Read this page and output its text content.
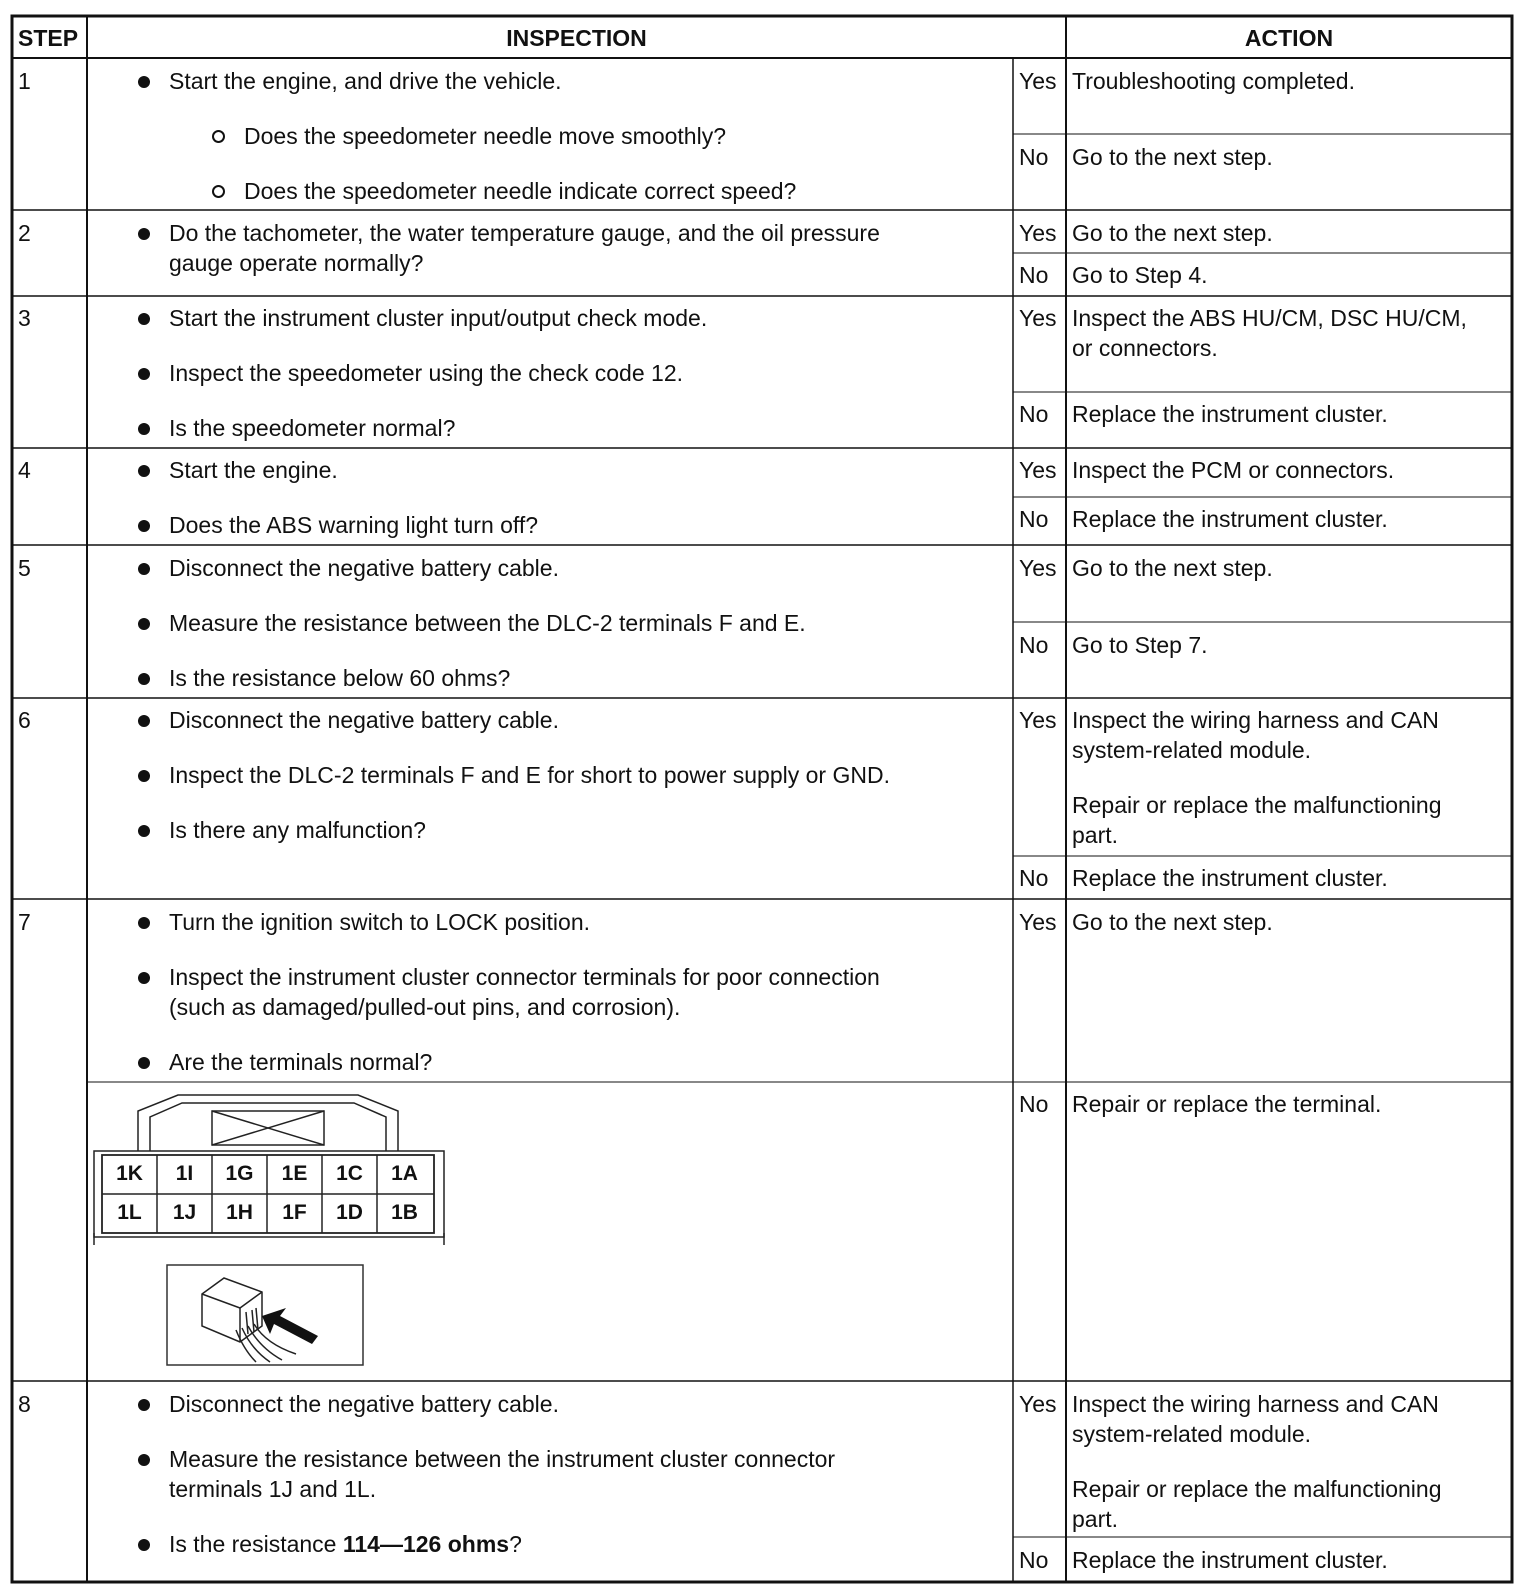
STEP	INSPECTION	ACTION
1	Start the engine, and drive the vehicle.
Does the speedometer needle move smoothly?
Does the speedometer needle indicate correct speed?
Yes Troubleshooting completed.
No Go to the next step.
2	Do the tachometer, the water temperature gauge, and the oil pressure
gauge operate normally?
Yes Go to the next step.
No Go to Step 4.
3	Start the instrument cluster input/output check mode.
Inspect the speedometer using the check code 12.
Is the speedometer normal?
Yes Inspect the ABS HU/CM, DSC HU/CM,
or connectors.
No Replace the instrument cluster.
4	Start the engine.
Does the ABS warning light turn off?
Yes Inspect the PCM or connectors.
No Replace the instrument cluster.
5	Disconnect the negative battery cable.
Measure the resistance between the DLC-2 terminals F and E.
Is the resistance below 60 ohms?
Yes Go to the next step.
No Go to Step 7.
6	Disconnect the negative battery cable.
Inspect the DLC-2 terminals F and E for short to power supply or GND.
Is there any malfunction?
Yes Inspect the wiring harness and CAN
system-related module.
Repair or replace the malfunctioning
part.
No Replace the instrument cluster.
7	Turn the ignition switch to LOCK position.
Inspect the instrument cluster connector terminals for poor connection
(such as damaged/pulled-out pins, and corrosion).
Are the terminals normal?
Yes Go to the next step.
No Repair or replace the terminal.
1K	1I	1G	1E	1C	1A
1L	1J	1H	1F	1D	1B
8	Disconnect the negative battery cable.
Measure the resistance between the instrument cluster connector
terminals 1J and 1L.
Is the resistance 114—126 ohms?
Yes Inspect the wiring harness and CAN
system-related module.
Repair or replace the malfunctioning
part.
No Replace the instrument cluster.
